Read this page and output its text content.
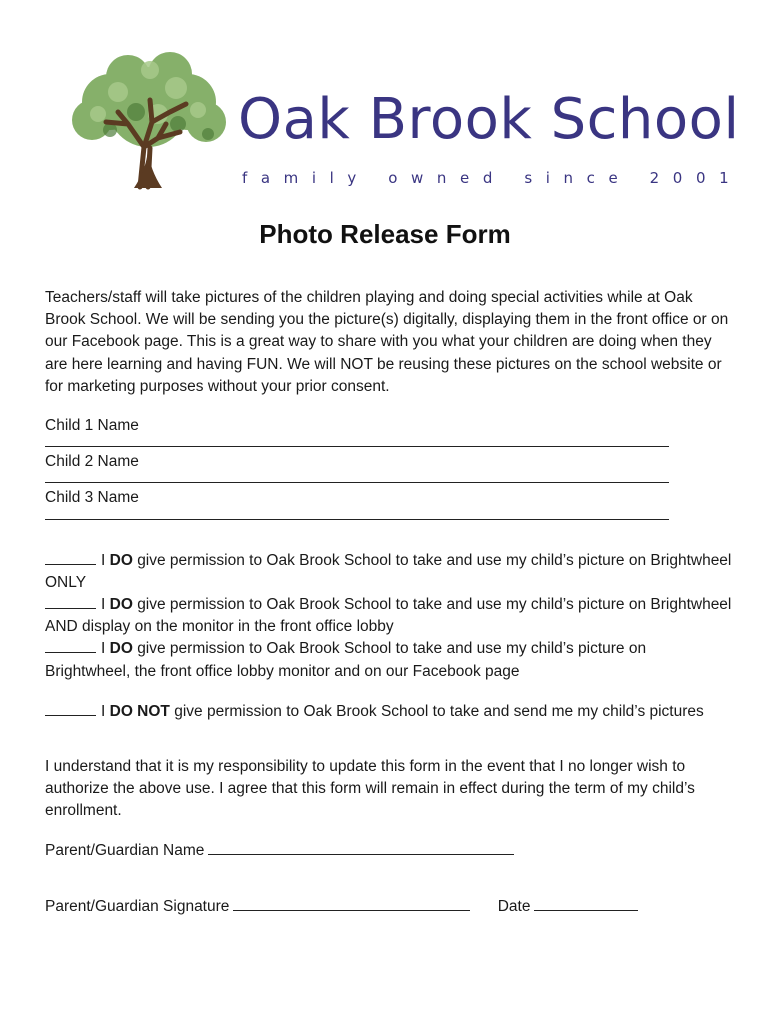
Oak Brook School
family owned since 2001
Photo Release Form

Teachers/staff will take pictures of the children playing and doing special activities while at Oak Brook School. We will be sending you the picture(s) digitally, displaying them in the front office or on our Facebook page. This is a great way to share with you what your children are doing when they are here learning and having FUN. We will NOT be reusing these pictures on the school website or for marketing purposes without your prior consent.

Child 1 Name
Child 2 Name
Child 3 Name
I DO give permission to Oak Brook School to take and use my child’s picture on Brightwheel ONLY
I DO give permission to Oak Brook School to take and use my child’s picture on Brightwheel AND display on the monitor in the front office lobby
I DO give permission to Oak Brook School to take and use my child’s picture on Brightwheel, the front office lobby monitor and on our Facebook page
I DO NOT give permission to Oak Brook School to take and send me my child’s pictures

I understand that it is my responsibility to update this form in the event that I no longer wish to authorize the above use. I agree that this form will remain in effect during the term of my child’s enrollment.

Parent/Guardian Name
Parent/Guardian Signature	Date
